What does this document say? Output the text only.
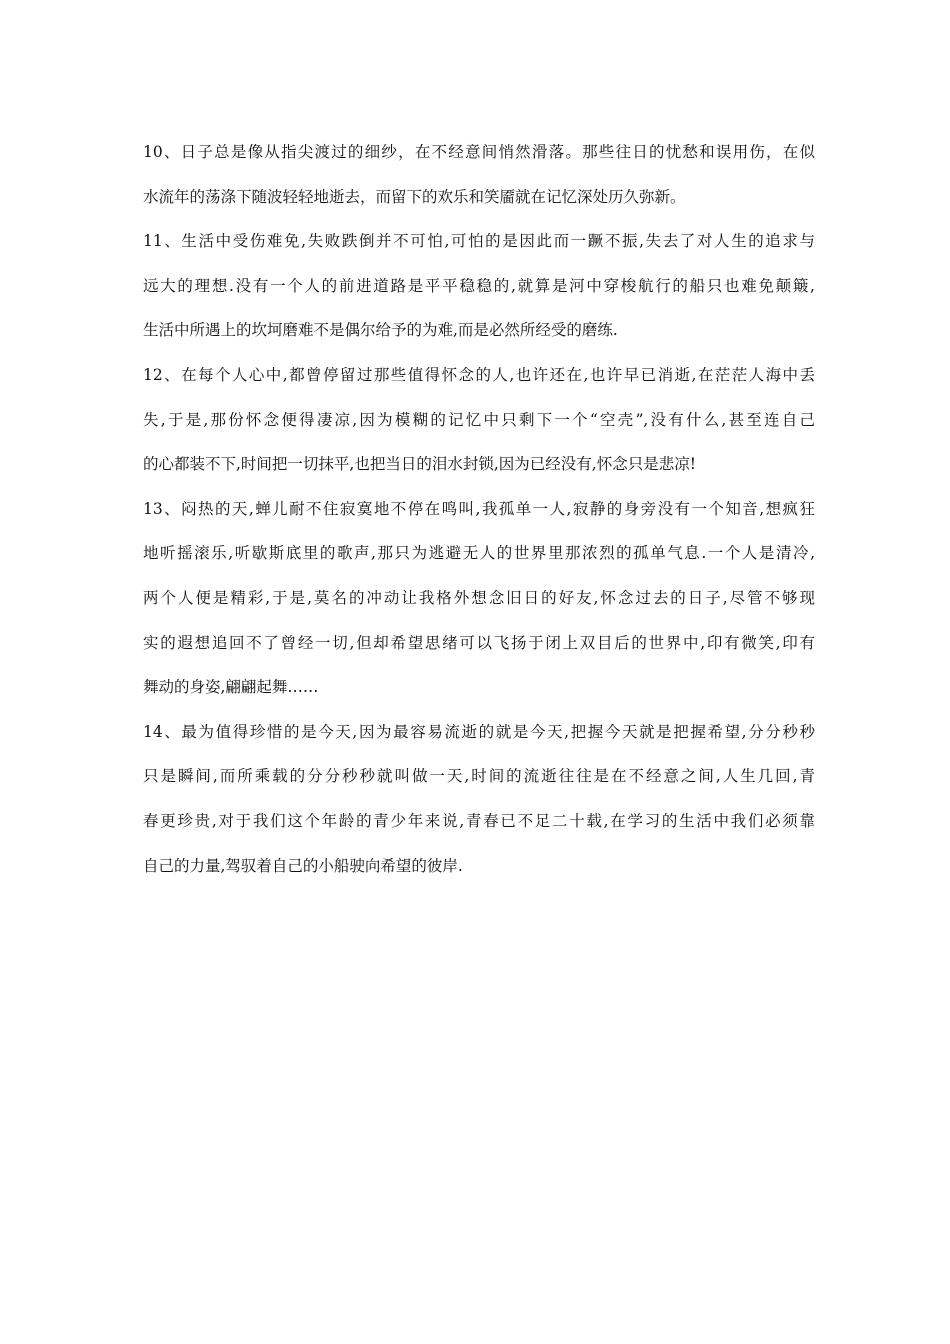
10、日子总是像从指尖渡过的细纱，在不经意间悄然滑落。那些往日的忧愁和误用伤，在似
水流年的荡涤下随波轻轻地逝去，而留下的欢乐和笑靥就在记忆深处历久弥新。
11、生活中受伤难免,失败跌倒并不可怕,可怕的是因此而一蹶不振,失去了对人生的追求与
远大的理想.没有一个人的前进道路是平平稳稳的,就算是河中穿梭航行的船只也难免颠簸,
生活中所遇上的坎坷磨难不是偶尔给予的为难,而是必然所经受的磨练.
12、在每个人心中,都曾停留过那些值得怀念的人,也许还在,也许早已消逝,在茫茫人海中丢
失,于是,那份怀念便得凄凉,因为模糊的记忆中只剩下一个“空壳”,没有什么,甚至连自己
的心都装不下,时间把一切抹平,也把当日的泪水封锁,因为已经没有,怀念只是悲凉!
13、闷热的天,蝉儿耐不住寂寞地不停在鸣叫,我孤单一人,寂静的身旁没有一个知音,想疯狂
地听摇滚乐,听歇斯底里的歌声,那只为逃避无人的世界里那浓烈的孤单气息.一个人是清冷,
两个人便是精彩,于是,莫名的冲动让我格外想念旧日的好友,怀念过去的日子,尽管不够现
实的遐想追回不了曾经一切,但却希望思绪可以飞扬于闭上双目后的世界中,印有微笑,印有
舞动的身姿,翩翩起舞……
14、最为值得珍惜的是今天,因为最容易流逝的就是今天,把握今天就是把握希望,分分秒秒
只是瞬间,而所乘载的分分秒秒就叫做一天,时间的流逝往往是在不经意之间,人生几回,青
春更珍贵,对于我们这个年龄的青少年来说,青春已不足二十载,在学习的生活中我们必须靠
自己的力量,驾驭着自己的小船驶向希望的彼岸.
